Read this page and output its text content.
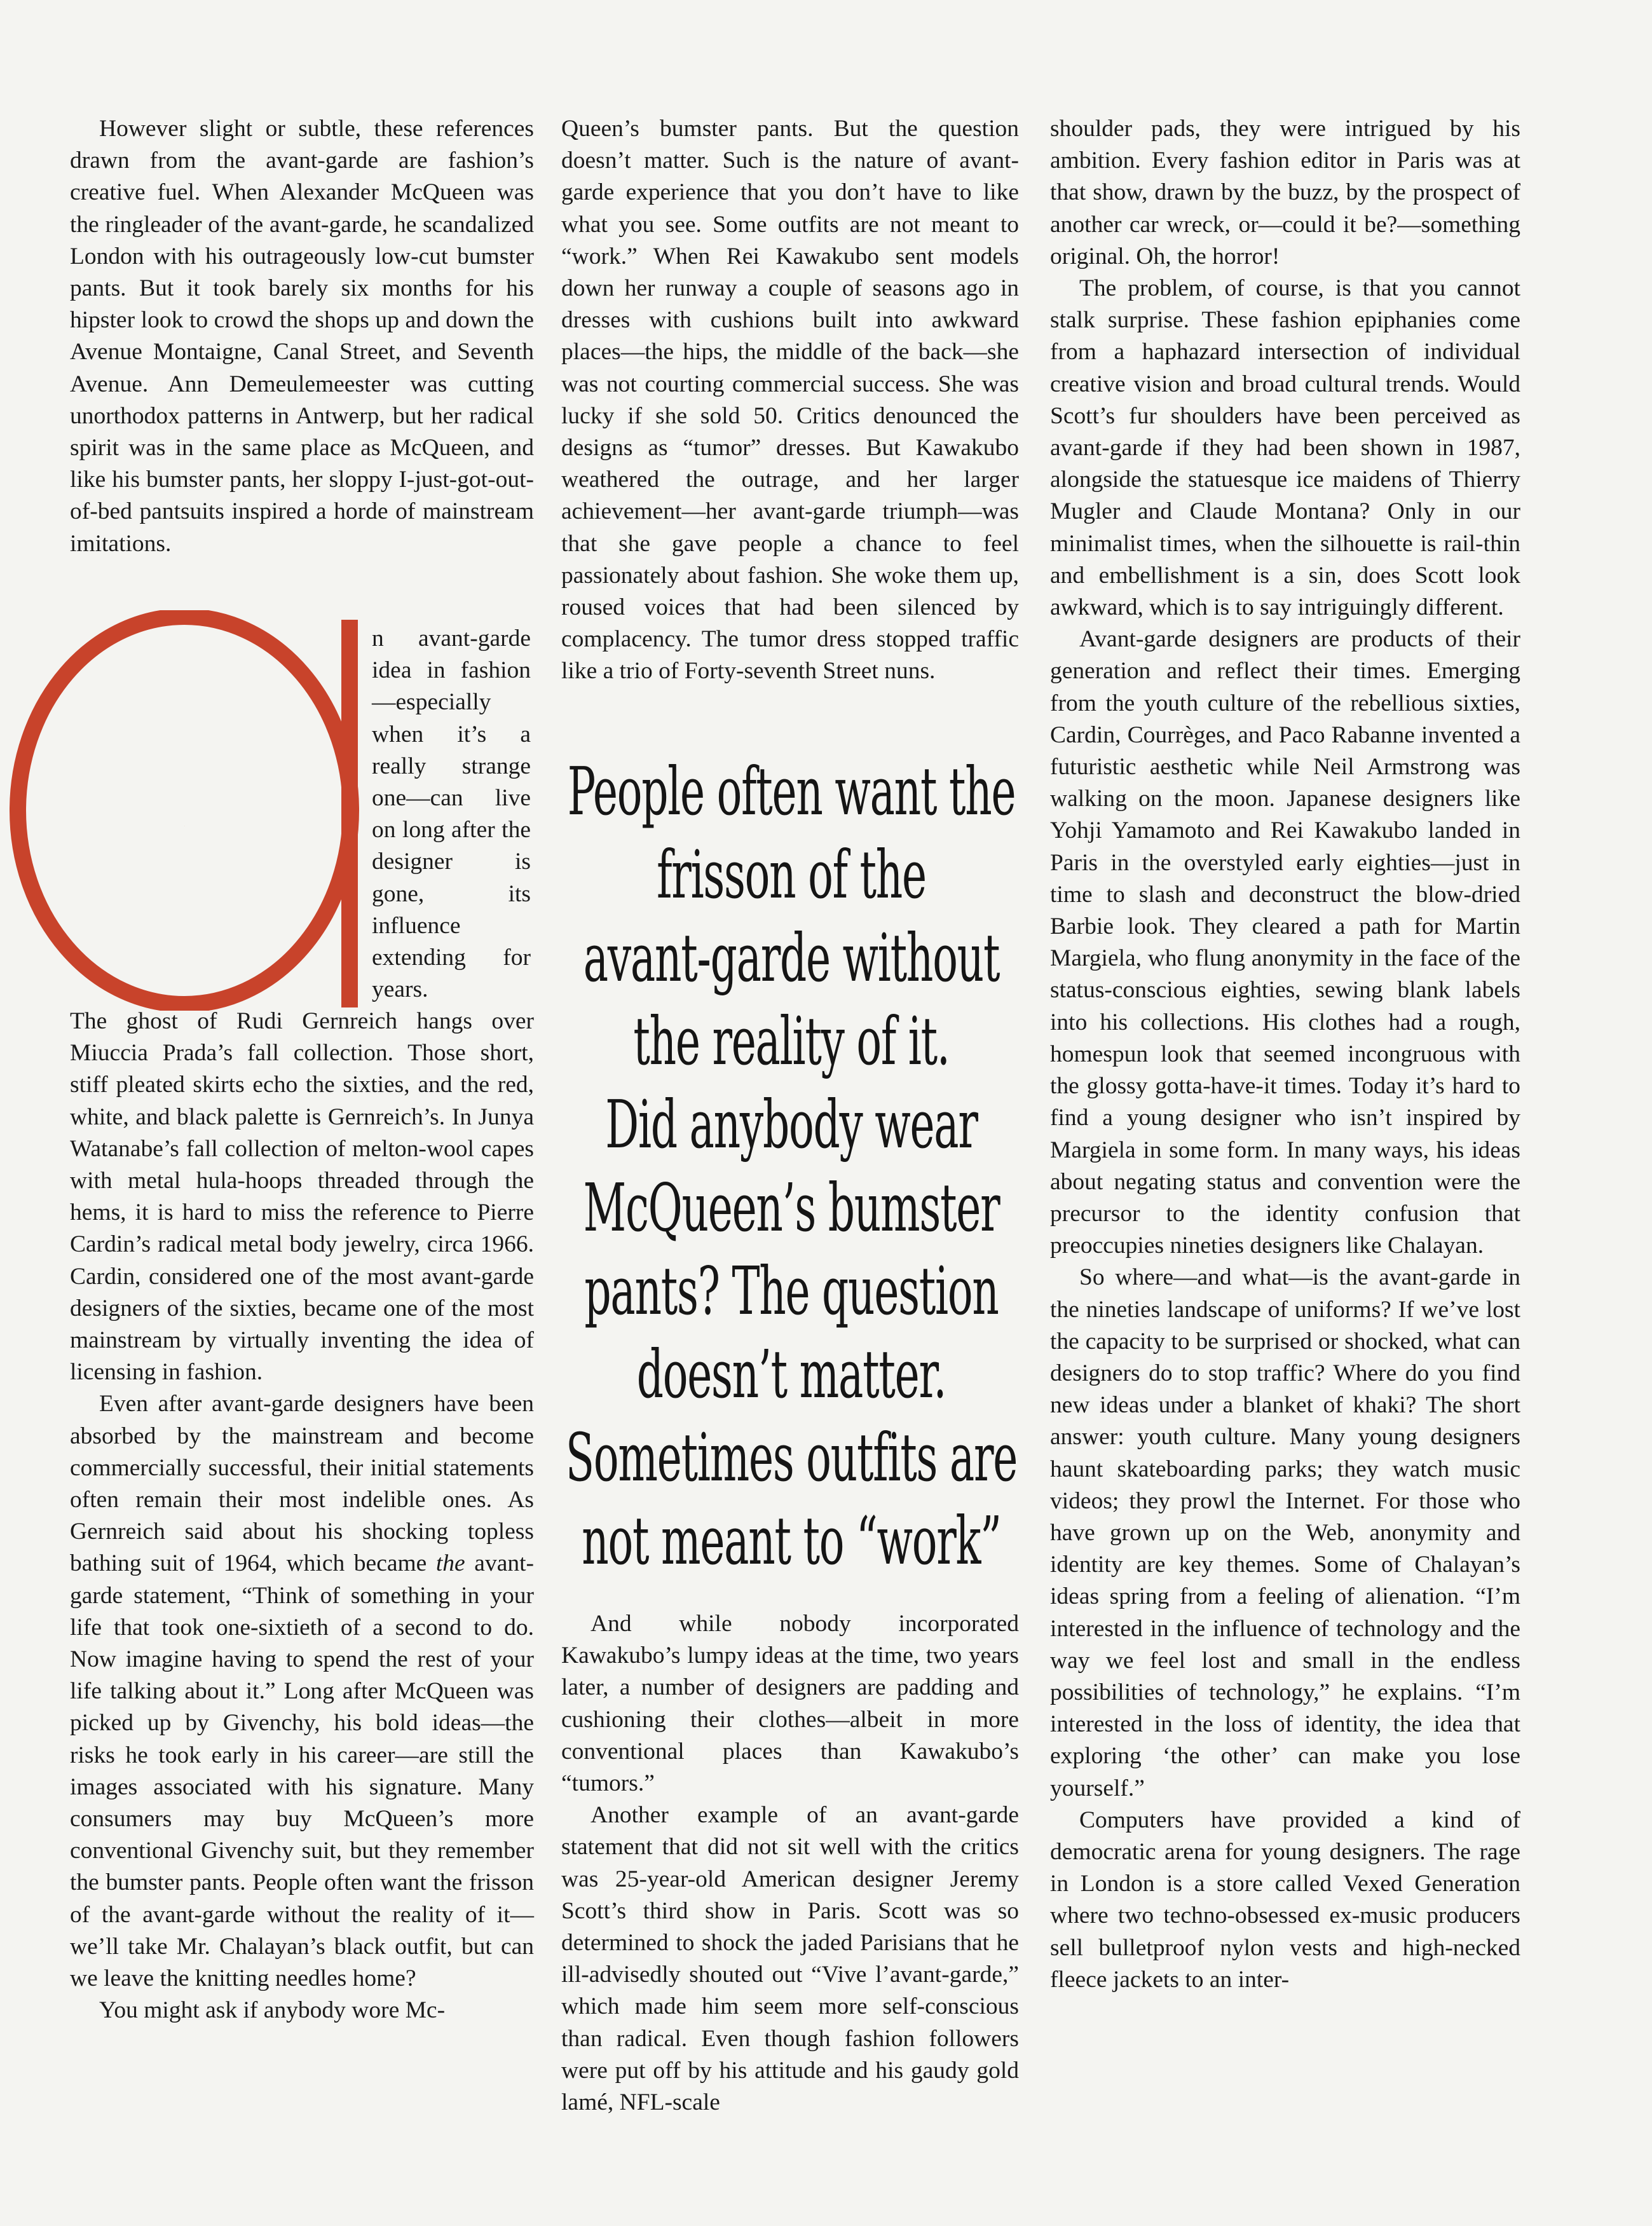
However slight or subtle, these references drawn from the avant-garde are fashion’s creative fuel. When Alexander McQueen was the ringleader of the avant-garde, he scandalized London with his outrageously low-cut bumster pants. But it took barely six months for his hipster look to crowd the shops up and down the Avenue Montaigne, Canal Street, and Seventh Avenue. Ann Demeulemeester was cutting unorthodox patterns in Antwerp, but her radical spirit was in the same place as McQueen, and like his bumster pants, her sloppy I-just-got-out-of-bed pantsuits inspired a horde of mainstream imitations.

a

n avant-garde idea in fashion—especially when it’s a really strange one—can live on long after the designer is gone, its influence extending for years.

The ghost of Rudi Gernreich hangs over Miuccia Prada’s fall collection. Those short, stiff pleated skirts echo the sixties, and the red, white, and black palette is Gernreich’s. In Junya Watanabe’s fall collection of melton-wool capes with metal hula-hoops threaded through the hems, it is hard to miss the reference to Pierre Cardin’s radical metal body jewelry, circa 1966. Cardin, considered one of the most avant-garde designers of the sixties, became one of the most mainstream by virtually inventing the idea of licensing in fashion.

Even after avant-garde designers have been absorbed by the mainstream and become commercially successful, their initial statements often remain their most indelible ones. As Gernreich said about his shocking topless bathing suit of 1964, which became the avant-garde statement, “Think of something in your life that took one-sixtieth of a second to do. Now imagine having to spend the rest of your life talking about it.” Long after McQueen was picked up by Givenchy, his bold ideas—the risks he took early in his career—are still the images associated with his signature. Many consumers may buy McQueen’s more conventional Givenchy suit, but they remember the bumster pants. People often want the frisson of the avant-garde without the reality of it—we’ll take Mr. Chalayan’s black outfit, but can we leave the knitting needles home?

You might ask if anybody wore Mc-

Queen’s bumster pants. But the question doesn’t matter. Such is the nature of avant-garde experience that you don’t have to like what you see. Some outfits are not meant to “work.” When Rei Kawakubo sent models down her runway a couple of seasons ago in dresses with cushions built into awkward places—the hips, the middle of the back—she was not courting commercial success. She was lucky if she sold 50. Critics denounced the designs as “tumor” dresses. But Kawakubo weathered the outrage, and her larger achievement—her avant-garde triumph—was that she gave people a chance to feel passionately about fashion. She woke them up, roused voices that had been silenced by complacency. The tumor dress stopped traffic like a trio of Forty-seventh Street nuns.

People often want the
frisson of the
avant-garde without
the reality of it.
Did anybody wear
McQueen’s bumster
pants? The question
doesn’t matter.
Sometimes outfits are
not meant to “work”

And while nobody incorporated Kawakubo’s lumpy ideas at the time, two years later, a number of designers are padding and cushioning their clothes—albeit in more conventional places than Kawakubo’s “tumors.”

Another example of an avant-garde statement that did not sit well with the critics was 25-year-old American designer Jeremy Scott’s third show in Paris. Scott was so determined to shock the jaded Parisians that he ill-advisedly shouted out “Vive l’avant-garde,” which made him seem more self-conscious than radical. Even though fashion followers were put off by his attitude and his gaudy gold lamé, NFL-scale

shoulder pads, they were intrigued by his ambition. Every fashion editor in Paris was at that show, drawn by the buzz, by the prospect of another car wreck, or—could it be?—something original. Oh, the horror!

The problem, of course, is that you cannot stalk surprise. These fashion epiphanies come from a haphazard intersection of individual creative vision and broad cultural trends. Would Scott’s fur shoulders have been perceived as avant-garde if they had been shown in 1987, alongside the statuesque ice maidens of Thierry Mugler and Claude Montana? Only in our minimalist times, when the silhouette is rail-thin and embellishment is a sin, does Scott look awkward, which is to say intriguingly different.

Avant-garde designers are products of their generation and reflect their times. Emerging from the youth culture of the rebellious sixties, Cardin, Courrèges, and Paco Rabanne invented a futuristic aesthetic while Neil Armstrong was walking on the moon. Japanese designers like Yohji Yamamoto and Rei Kawakubo landed in Paris in the overstyled early eighties—just in time to slash and deconstruct the blow-dried Barbie look. They cleared a path for Martin Margiela, who flung anonymity in the face of the status-conscious eighties, sewing blank labels into his collections. His clothes had a rough, homespun look that seemed incongruous with the glossy gotta-have-it times. Today it’s hard to find a young designer who isn’t inspired by Margiela in some form. In many ways, his ideas about negating status and convention were the precursor to the identity confusion that preoccupies nineties designers like Chalayan.

So where—and what—is the avant-garde in the nineties landscape of uniforms? If we’ve lost the capacity to be surprised or shocked, what can designers do to stop traffic? Where do you find new ideas under a blanket of khaki? The short answer: youth culture. Many young designers haunt skateboarding parks; they watch music videos; they prowl the Internet. For those who have grown up on the Web, anonymity and identity are key themes. Some of Chalayan’s ideas spring from a feeling of alienation. “I’m interested in the influence of technology and the way we feel lost and small in the endless possibilities of technology,” he explains. “I’m interested in the loss of identity, the idea that exploring ‘the other’ can make you lose yourself.”

Computers have provided a kind of democratic arena for young designers. The rage in London is a store called Vexed Generation where two techno-obsessed ex-music producers sell bulletproof nylon vests and high-necked fleece jackets to an inter-
